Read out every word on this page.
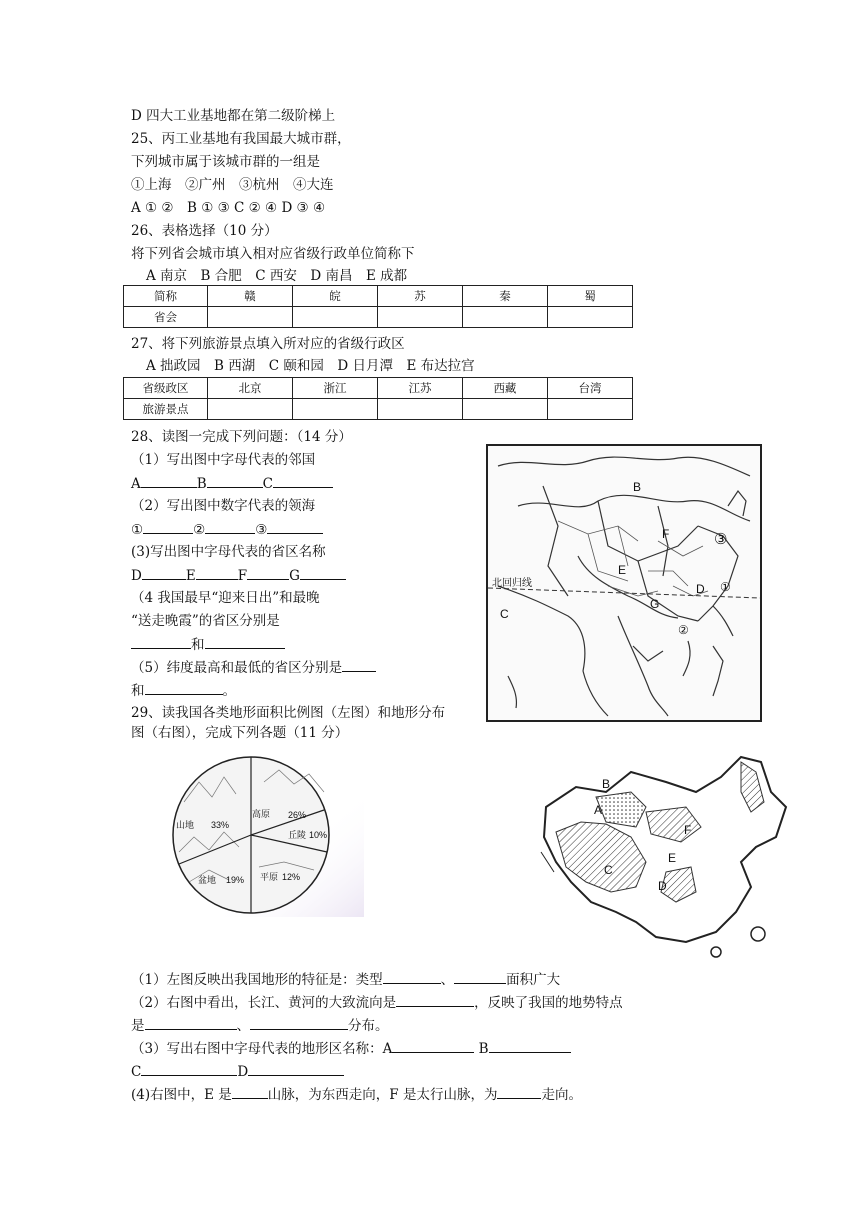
D 四大工业基地都在第二级阶梯上
25、丙工业基地有我国最大城市群，
下列城市属于该城市群的一组是
①上海　②广州　③杭州　④大连
A ① ②　B ① ③ C ② ④ D ③ ④
26、表格选择（10 分）
将下列省会城市填入相对应省级行政单位简称下
A 南京　B 合肥　C 西安　D 南昌　E 成都
简称	赣	皖	苏	秦	蜀
省会					
27、将下列旅游景点填入所对应的省级行政区
A 拙政园　B 西湖　C 颐和园　D 日月潭　E 布达拉宫
省级政区	北京	浙江	江苏	西藏	台湾
旅游景点					
28、读图一完成下列问题：（14 分）
（1）写出图中字母代表的邻国
A	B	C
（2）写出图中数字代表的领海
①	②	③
(3)写出图中字母代表的省区名称
D	E	F	G
（4 我国最早“迎来日出”和最晚
“送走晚霞”的省区分别是
和
（5）纬度最高和最低的省区分别是
和	。
B
C
D
E
F
G
①
②
③
北回归线
29、读我国各类地形面积比例图（左图）和地形分布
图（右图），完成下列各题（11 分）
山地 33%
高原 26%
丘陵 10%
盆地 19% 平原 12%
A
B
C
D
E
F
（1）左图反映出我国地形的特征是：类型	、	面积广大
（2）右图中看出，长江、黄河的大致流向是	，反映了我国的地势特点
是	、	分布。
（3）写出右图中字母代表的地形区名称：A	B
C	D
(4)右图中，E 是	山脉，为东西走向，F 是太行山脉，为	走向。
